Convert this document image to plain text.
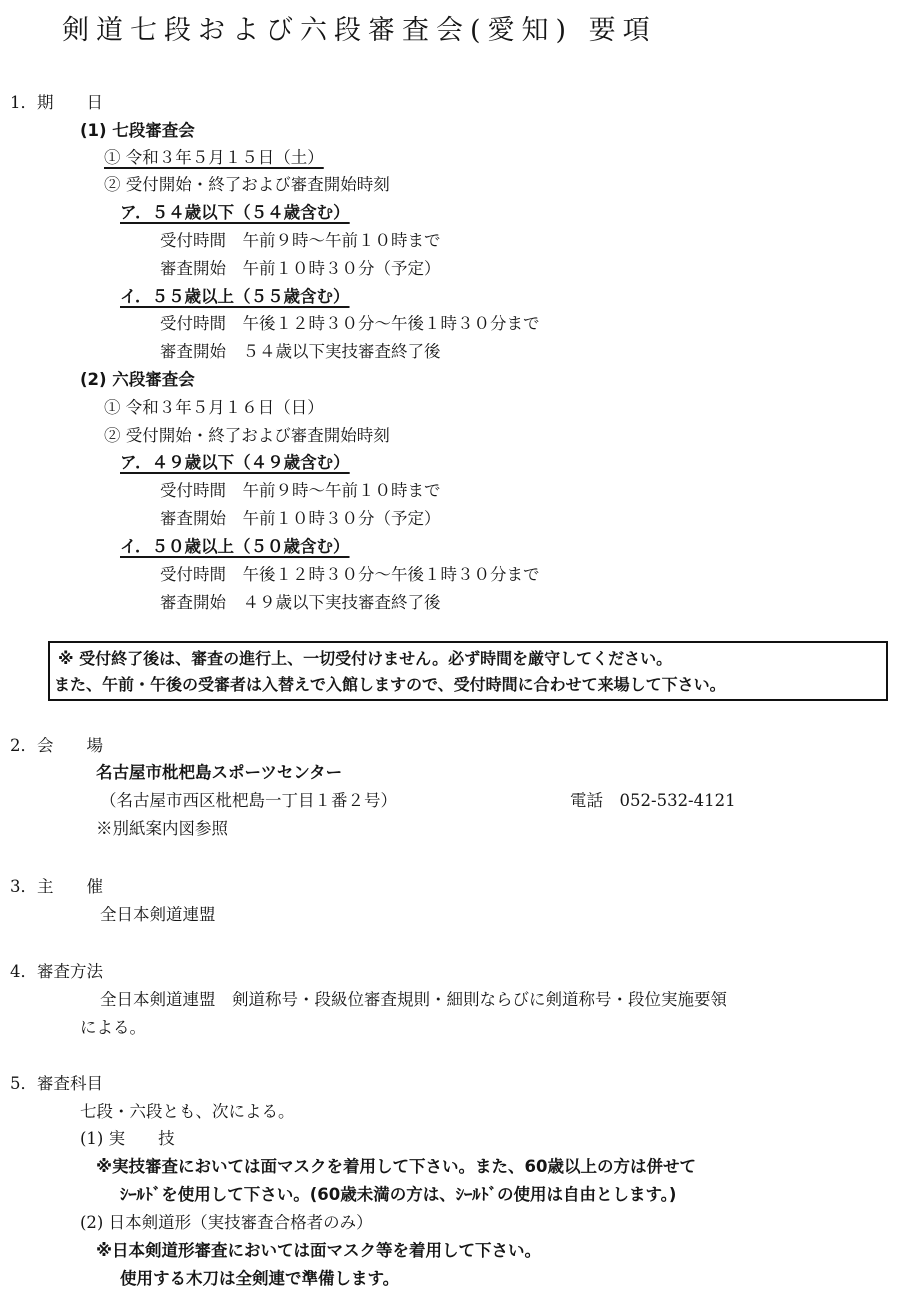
剣道七段および六段審査会(愛知) 要項
1．期　　日
(1) 七段審査会
① 令和３年５月１５日（土）
② 受付開始・終了および審査開始時刻
ア．５４歳以下（５４歳含む）
受付時間　午前９時～午前１０時まで
審査開始　午前１０時３０分（予定）
イ．５５歳以上（５５歳含む）
受付時間　午後１２時３０分～午後１時３０分まで
審査開始　５４歳以下実技審査終了後
(2) 六段審査会
① 令和３年５月１６日（日）
② 受付開始・終了および審査開始時刻
ア．４９歳以下（４９歳含む）
受付時間　午前９時～午前１０時まで
審査開始　午前１０時３０分（予定）
イ．５０歳以上（５０歳含む）
受付時間　午後１２時３０分～午後１時３０分まで
審査開始　４９歳以下実技審査終了後
※ 受付終了後は、審査の進行上、一切受付けません。必ず時間を厳守してください。
また、午前・午後の受審者は入替えで入館しますので、受付時間に合わせて来場して下さい。
2．会　　場
名古屋市枇杷島スポーツセンター
（名古屋市西区枇杷島一丁目１番２号）	電話　052-532-4121
※別紙案内図参照
3．主　　催
全日本剣道連盟
4．審査方法
全日本剣道連盟　剣道称号・段級位審査規則・細則ならびに剣道称号・段位実施要領
による。
5．審査科目
七段・六段とも、次による。
(1) 実　　技
※実技審査においては面マスクを着用して下さい。また、60歳以上の方は併せて
ｼｰﾙﾄﾞを使用して下さい。(60歳未満の方は、ｼｰﾙﾄﾞの使用は自由とします。)
(2) 日本剣道形（実技審査合格者のみ）
※日本剣道形審査においては面マスク等を着用して下さい。
使用する木刀は全剣連で準備します。
